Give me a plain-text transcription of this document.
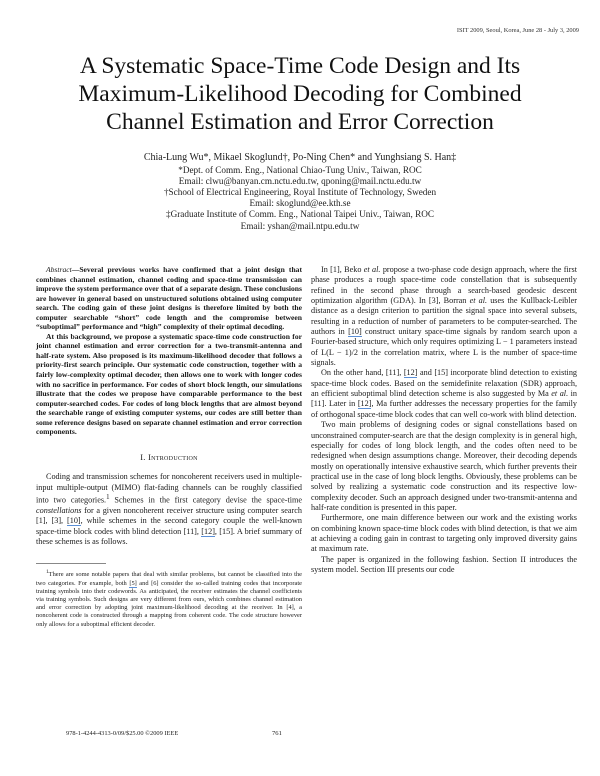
ISIT 2009, Seoul, Korea, June 28 - July 3, 2009
A Systematic Space-Time Code Design and Its
Maximum-Likelihood Decoding for Combined
Channel Estimation and Error Correction
Chia-Lung Wu*, Mikael Skoglund†, Po-Ning Chen* and Yunghsiang S. Han‡
*Dept. of Comm. Eng., National Chiao-Tung Univ., Taiwan, ROC
Email: clwu@banyan.cm.nctu.edu.tw, qponing@mail.nctu.edu.tw
†School of Electrical Engineering, Royal Institute of Technology, Sweden
Email: skoglund@ee.kth.se
‡Graduate Institute of Comm. Eng., National Taipei Univ., Taiwan, ROC
Email: yshan@mail.ntpu.edu.tw

Abstract—Several previous works have confirmed that a joint design that combines channel estimation, channel coding and space-time transmission can improve the system performance over that of a separate design. These conclusions are however in general based on unstructured solutions obtained using computer search. The coding gain of these joint designs is therefore limited by both the computer searchable “short” code length and the compromise between “suboptimal” performance and “high” complexity of their optimal decoding.

At this background, we propose a systematic space-time code construction for joint channel estimation and error correction for a two-transmit-antenna and half-rate system. Also proposed is its maximum-likelihood decoder that follows a priority-first search principle. Our systematic code construction, together with a fairly low-complexity optimal decoder, then allows one to work with longer codes with no sacrifice in performance. For codes of short block length, our simulations illustrate that the codes we propose have comparable performance to the best computer-searched codes. For codes of long block lengths that are almost beyond the searchable range of existing computer systems, our codes are still better than some reference designs based on separate channel estimation and error correction components.

I. Introduction

Coding and transmission schemes for noncoherent receivers used in multiple-input multiple-output (MIMO) flat-fading channels can be roughly classified into two categories.$^1$ Schemes in the first category devise the space-time constellations for a given noncoherent receiver structure using computer search [1], [3], [10], while schemes in the second category couple the well-known space-time block codes with blind detection [11], [12], [15]. A brief summary of these schemes is as follows.

$^1$There are some notable papers that deal with similar problems, but cannot be classified into the two categories. For example, both [5] and [6] consider the so-called training codes that incorporate training symbols into their codewords. As anticipated, the receiver estimates the channel coefficients via training symbols. Such designs are very different from ours, which combines channel estimation and error correction by adopting joint maximum-likelihood decoding at the receiver. In [4], a noncoherent code is constructed through a mapping from coherent code. The code structure however only allows for a suboptimal efficient decoder.

In [1], Beko et al. propose a two-phase code design approach, where the first phase produces a rough space-time code constellation that is subsequently refined in the second phase through a search-based geodesic descent optimization algorithm (GDA). In [3], Borran et al. uses the Kullback-Leibler distance as a design criterion to partition the signal space into several subsets, resulting in a reduction of number of parameters to be computer-searched. The authors in [10] construct unitary space-time signals by random search upon a Fourier-based structure, which only requires optimizing L − 1 parameters instead of L(L − 1)/2 in the correlation matrix, where L is the number of space-time signals.

On the other hand, [11], [12] and [15] incorporate blind detection to existing space-time block codes. Based on the semidefinite relaxation (SDR) approach, an efficient suboptimal blind detection scheme is also suggested by Ma et al. in [11]. Later in [12], Ma further addresses the necessary properties for the family of orthogonal space-time block codes that can well co-work with blind detection.

Two main problems of designing codes or signal constellations based on unconstrained computer-search are that the design complexity is in general high, especially for codes of long block length, and the codes often need to be redesigned when design assumptions change. Moreover, their decoding depends mostly on operationally intensive exhaustive search, which further prevents their practical use in the case of long block lengths. Obviously, these problems can be solved by realizing a systematic code construction and its respective low-complexity decoder. Such an approach designed under two-transmit-antenna and half-rate condition is presented in this paper.

Furthermore, one main difference between our work and the existing works on combining known space-time block codes with blind detection, is that we aim at achieving a coding gain in contrast to targeting only improved diversity gains at maximum rate.

The paper is organized in the following fashion. Section II introduces the system model. Section III presents our code

978-1-4244-4313-0/09/$25.00 ©2009 IEEE	761
